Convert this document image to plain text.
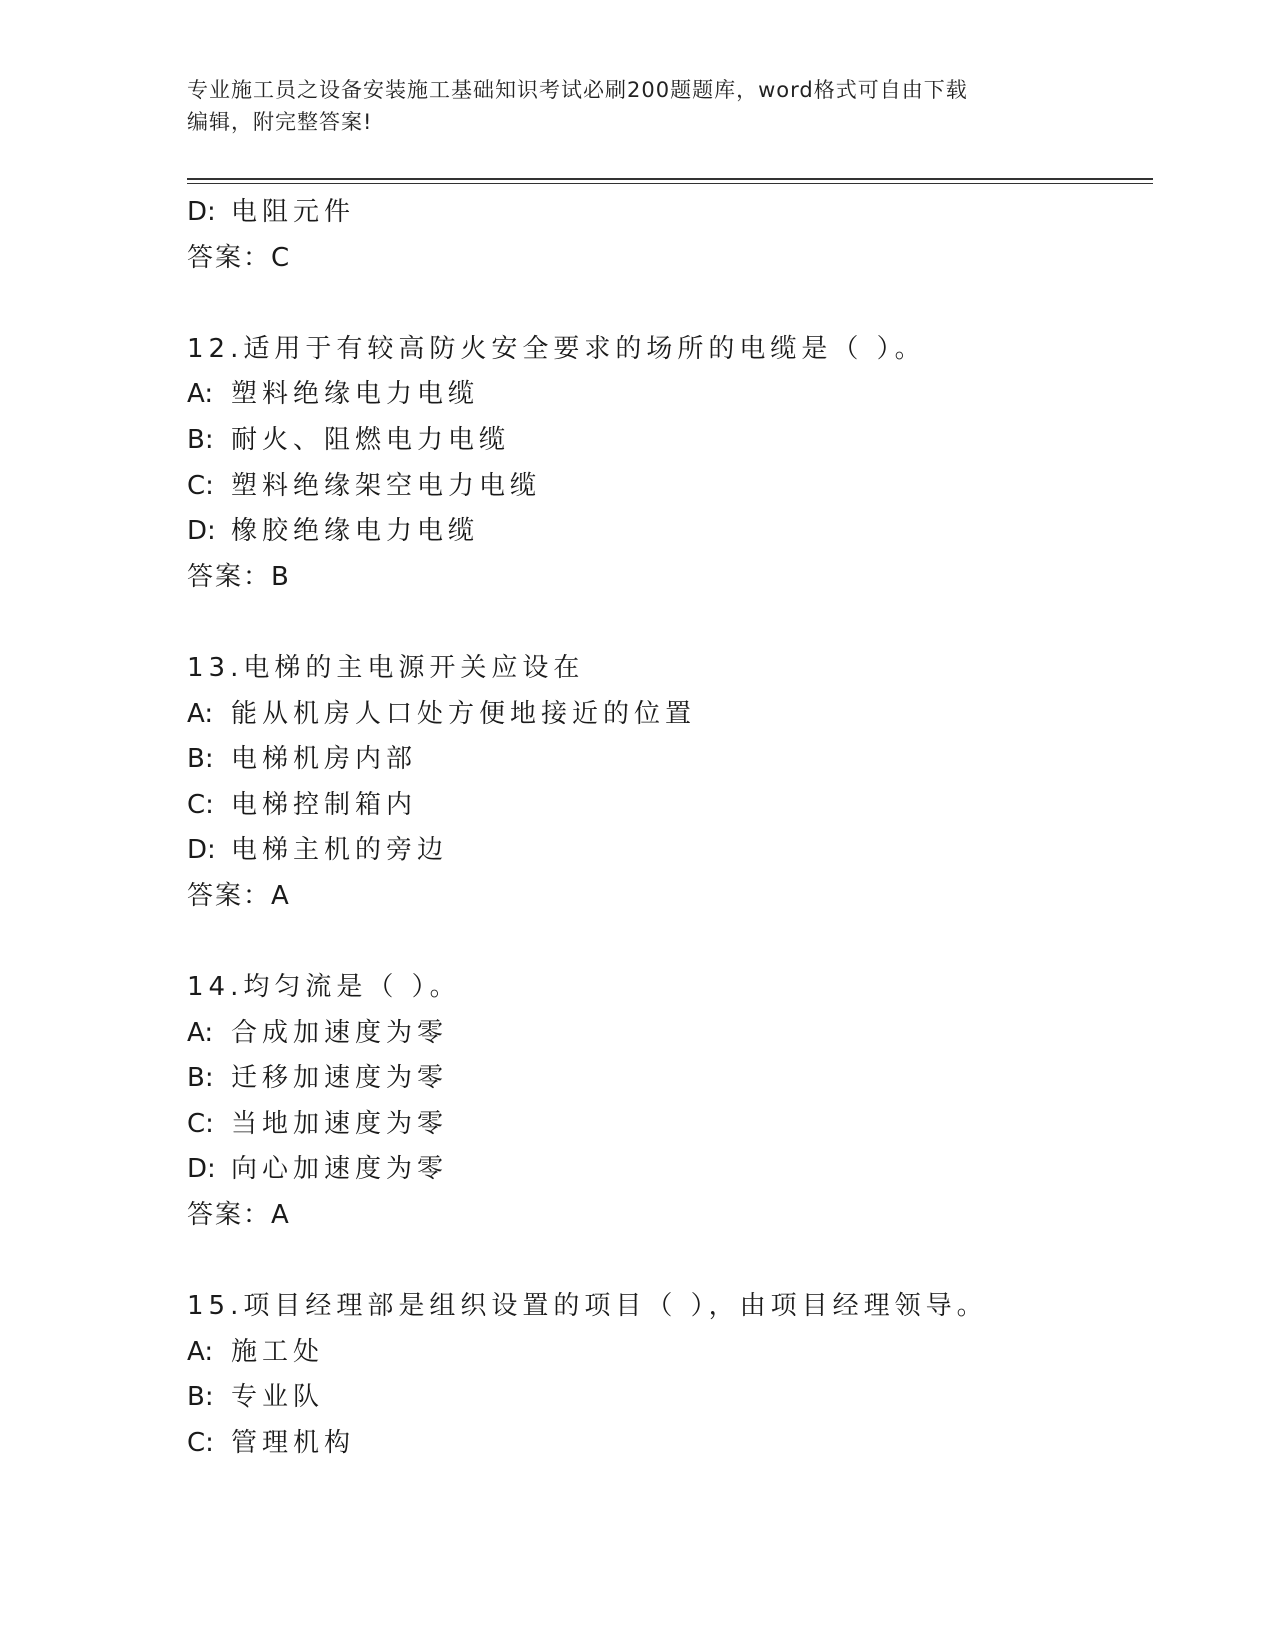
专业施工员之设备安装施工基础知识考试必刷200题题库，word格式可自由下载
编辑，附完整答案!
D: 电阻元件
答案：C
12.适用于有较高防火安全要求的场所的电缆是（ ）。
A: 塑料绝缘电力电缆
B: 耐火、阻燃电力电缆
C: 塑料绝缘架空电力电缆
D: 橡胶绝缘电力电缆
答案：B
13.电梯的主电源开关应设在
A: 能从机房人口处方便地接近的位置
B: 电梯机房内部
C: 电梯控制箱内
D: 电梯主机的旁边
答案：A
14.均匀流是（ ）。
A: 合成加速度为零
B: 迁移加速度为零
C: 当地加速度为零
D: 向心加速度为零
答案：A
15.项目经理部是组织设置的项目（ ），由项目经理领导。
A: 施工处
B: 专业队
C: 管理机构
